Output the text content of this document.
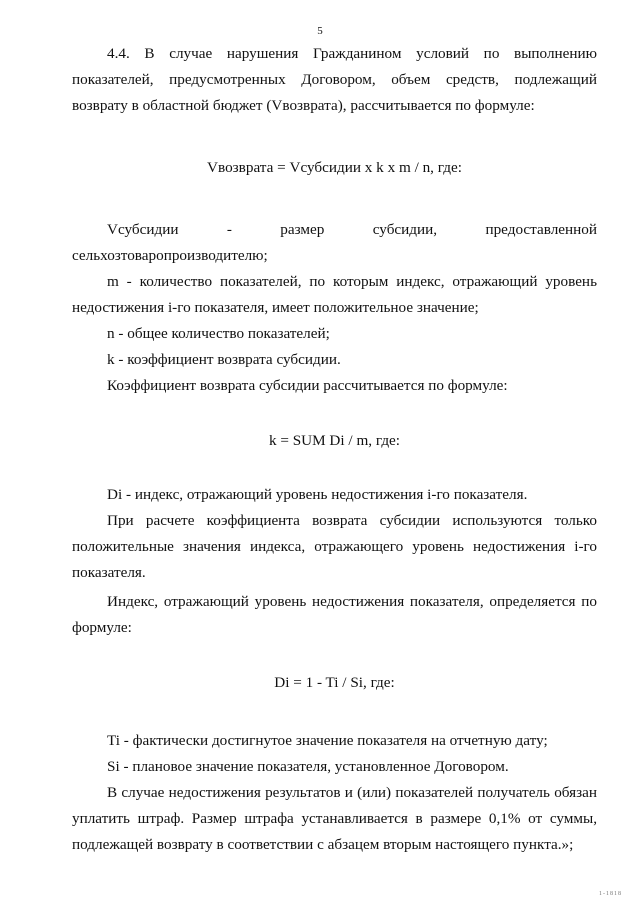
5

4.4. В случае нарушения Гражданином условий по выполнению показателей, предусмотренных Договором, объем средств, подлежащий возврату в областной бюджет (Vвозврата), рассчитывается по формуле:

Vвозврата = Vсубсидии x k x m / n, где:

Vсубсидии - размер субсидии, предоставленной сельхозтоваропроизводителю;

m - количество показателей, по которым индекс, отражающий уровень недостижения i-го показателя, имеет положительное значение;

n - общее количество показателей;

k - коэффициент возврата субсидии.

Коэффициент возврата субсидии рассчитывается по формуле:

k = SUM Di / m, где:

Di - индекс, отражающий уровень недостижения i-го показателя.

При расчете коэффициента возврата субсидии используются только положительные значения индекса, отражающего уровень недостижения i-го показателя.

Индекс, отражающий уровень недостижения показателя, определяется по формуле:

Di = 1 - Ti / Si, где:

Ti - фактически достигнутое значение показателя на отчетную дату;

Si - плановое значение показателя, установленное Договором.

В случае недостижения результатов и (или) показателей получатель обязан уплатить штраф. Размер штрафа устанавливается в размере 0,1% от суммы, подлежащей возврату в соответствии с абзацем вторым настоящего пункта.»;

1-1818
